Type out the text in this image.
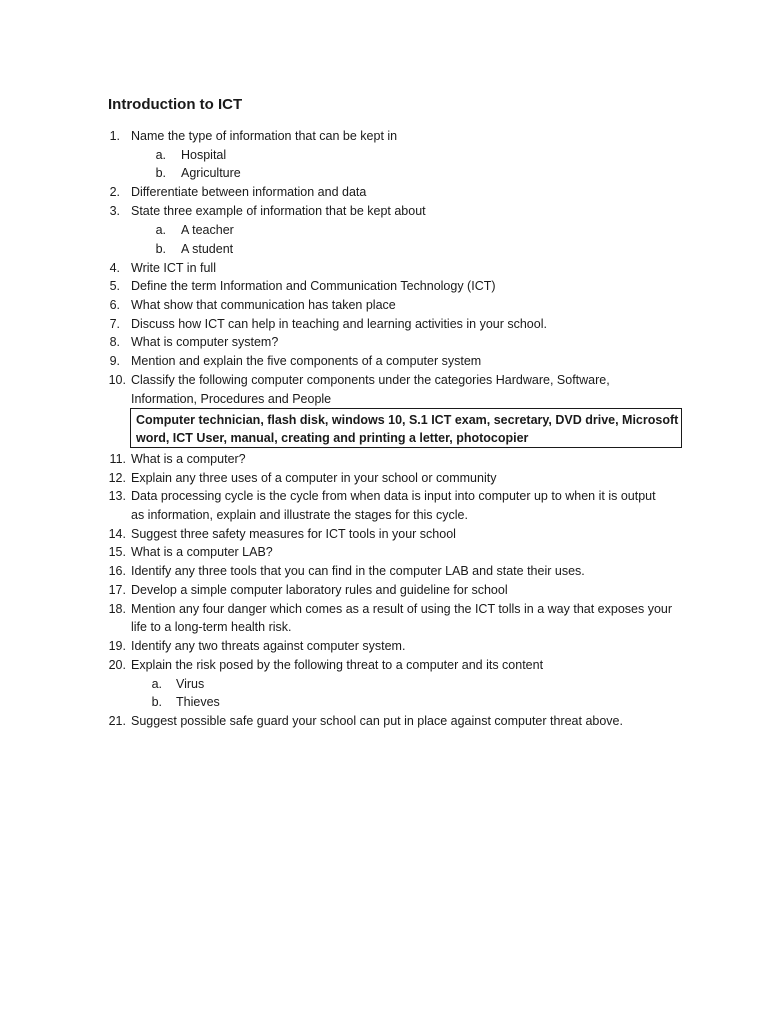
Introduction to ICT
1. Name the type of information that can be kept in
a. Hospital
b. Agriculture
2. Differentiate between information and data
3. State three example of information that be kept about
a. A teacher
b. A student
4. Write ICT in full
5. Define the term Information and Communication Technology (ICT)
6. What show that communication has taken place
7. Discuss how ICT can help in teaching and learning activities in your school.
8. What is computer system?
9. Mention and explain the five components of a computer system
10. Classify the following computer components under the categories Hardware, Software,
Information, Procedures and People
Computer technician, flash disk, windows 10, S.1 ICT exam, secretary, DVD drive, Microsoft
word, ICT User, manual, creating and printing a letter, photocopier
11. What is a computer?
12. Explain any three uses of a computer in your school or community
13. Data processing cycle is the cycle from when data is input into computer up to when it is output
as information, explain and illustrate the stages for this cycle.
14. Suggest three safety measures for ICT tools in your school
15. What is a computer LAB?
16. Identify any three tools that you can find in the computer LAB and state their uses.
17. Develop a simple computer laboratory rules and guideline for school
18. Mention any four danger which comes as a result of using the ICT tolls in a way that exposes your
life to a long-term health risk.
19. Identify any two threats against computer system.
20. Explain the risk posed by the following threat to a computer and its content
a. Virus
b. Thieves
21. Suggest possible safe guard your school can put in place against computer threat above.
